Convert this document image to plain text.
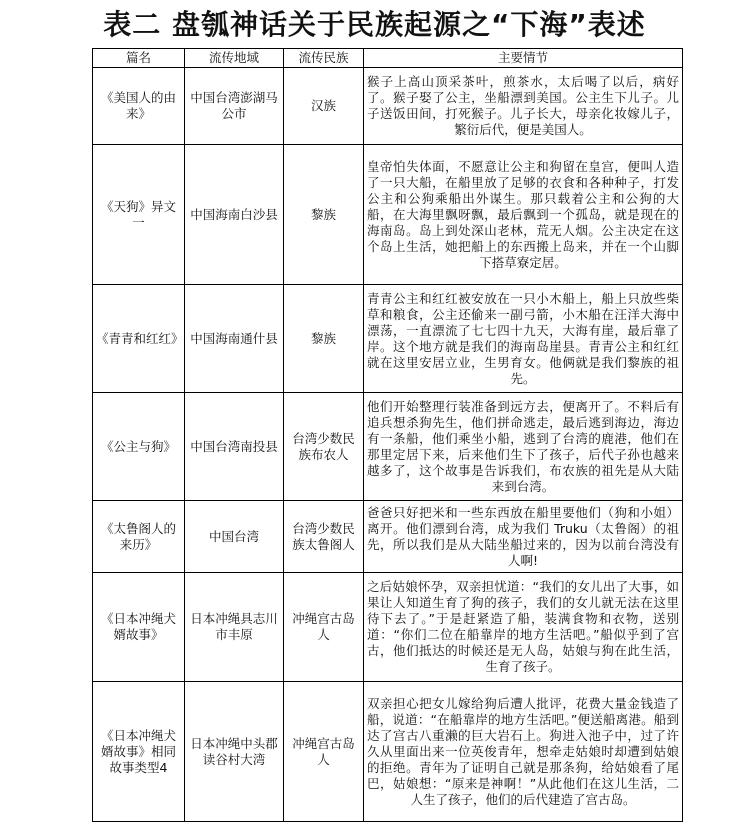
表二 盘瓠神话关于民族起源之“下海”表述
篇名	流传地域	流传民族	主要情节
《美国人的由来》	中国台湾澎湖马公市	汉族	猴子上高山顶采茶叶，煎茶水，太后喝了以后，病好了。猴子娶了公主，坐船漂到美国。公主生下儿子。儿子送饭田间，打死猴子。儿子长大，母亲化妆嫁儿子，繁衍后代，便是美国人。
《天狗》异文一	中国海南白沙县	黎族	皇帝怕失体面，不愿意让公主和狗留在皇宫，便叫人造了一只大船，在船里放了足够的衣食和各种种子，打发公主和公狗乘船出外谋生。那只载着公主和公狗的大船，在大海里飘呀飘，最后飘到一个孤岛，就是现在的海南岛。岛上到处深山老林，荒无人烟。公主决定在这个岛上生活，她把船上的东西搬上岛来，并在一个山脚下搭草寮定居。
《青青和红红》	中国海南通什县	黎族	青青公主和红红被安放在一只小木船上，船上只放些柴草和粮食，公主还偷来一副弓箭，小木船在汪洋大海中漂荡，一直漂流了七七四十九天，大海有崖，最后靠了岸。这个地方就是我们的海南岛崖县。青青公主和红红就在这里安居立业，生男育女。他俩就是我们黎族的祖先。
《公主与狗》	中国台湾南投县	台湾少数民族布农人	他们开始整理行装准备到远方去，便离开了。不料后有追兵想杀狗先生，他们拼命逃走，最后逃到海边，海边有一条船，他们乘坐小船，逃到了台湾的鹿港，他们在那里定居下来，后来他们生下了孩子，后代子孙也越来越多了，这个故事是告诉我们，布农族的祖先是从大陆来到台湾。
《太鲁阁人的来历》	中国台湾	台湾少数民族太鲁阁人	爸爸只好把米和一些东西放在船里要他们（狗和小姐）离开。他们漂到台湾，成为我们 Truku（太鲁阁）的祖先，所以我们是从大陆坐船过来的，因为以前台湾没有人啊!
《日本冲绳犬婿故事》	日本冲绳具志川市丰原	冲绳宫古岛人	之后姑娘怀孕，双亲担忧道：“我们的女儿出了大事，如果让人知道生育了狗的孩子，我们的女儿就无法在这里待下去了。”于是赶紧造了船，装满食物和衣物，送别道：“你们二位在船靠岸的地方生活吧。”船似乎到了宫古，他们抵达的时候还是无人岛，姑娘与狗在此生活，生育了孩子。
《日本冲绳犬婿故事》相同故事类型4	日本冲绳中头郡读谷村大湾	冲绳宫古岛人	双亲担心把女儿嫁给狗后遭人批评，花费大量金钱造了船，说道：“在船靠岸的地方生活吧。”便送船离港。船到达了宫古八重濑的巨大岩石上。狗进入池子中，过了许久从里面出来一位英俊青年，想牵走姑娘时却遭到姑娘的拒绝。青年为了证明自己就是那条狗，给姑娘看了尾巴，姑娘想：“原来是神啊！”从此他们在这儿生活，二人生了孩子，他们的后代建造了宫古岛。
